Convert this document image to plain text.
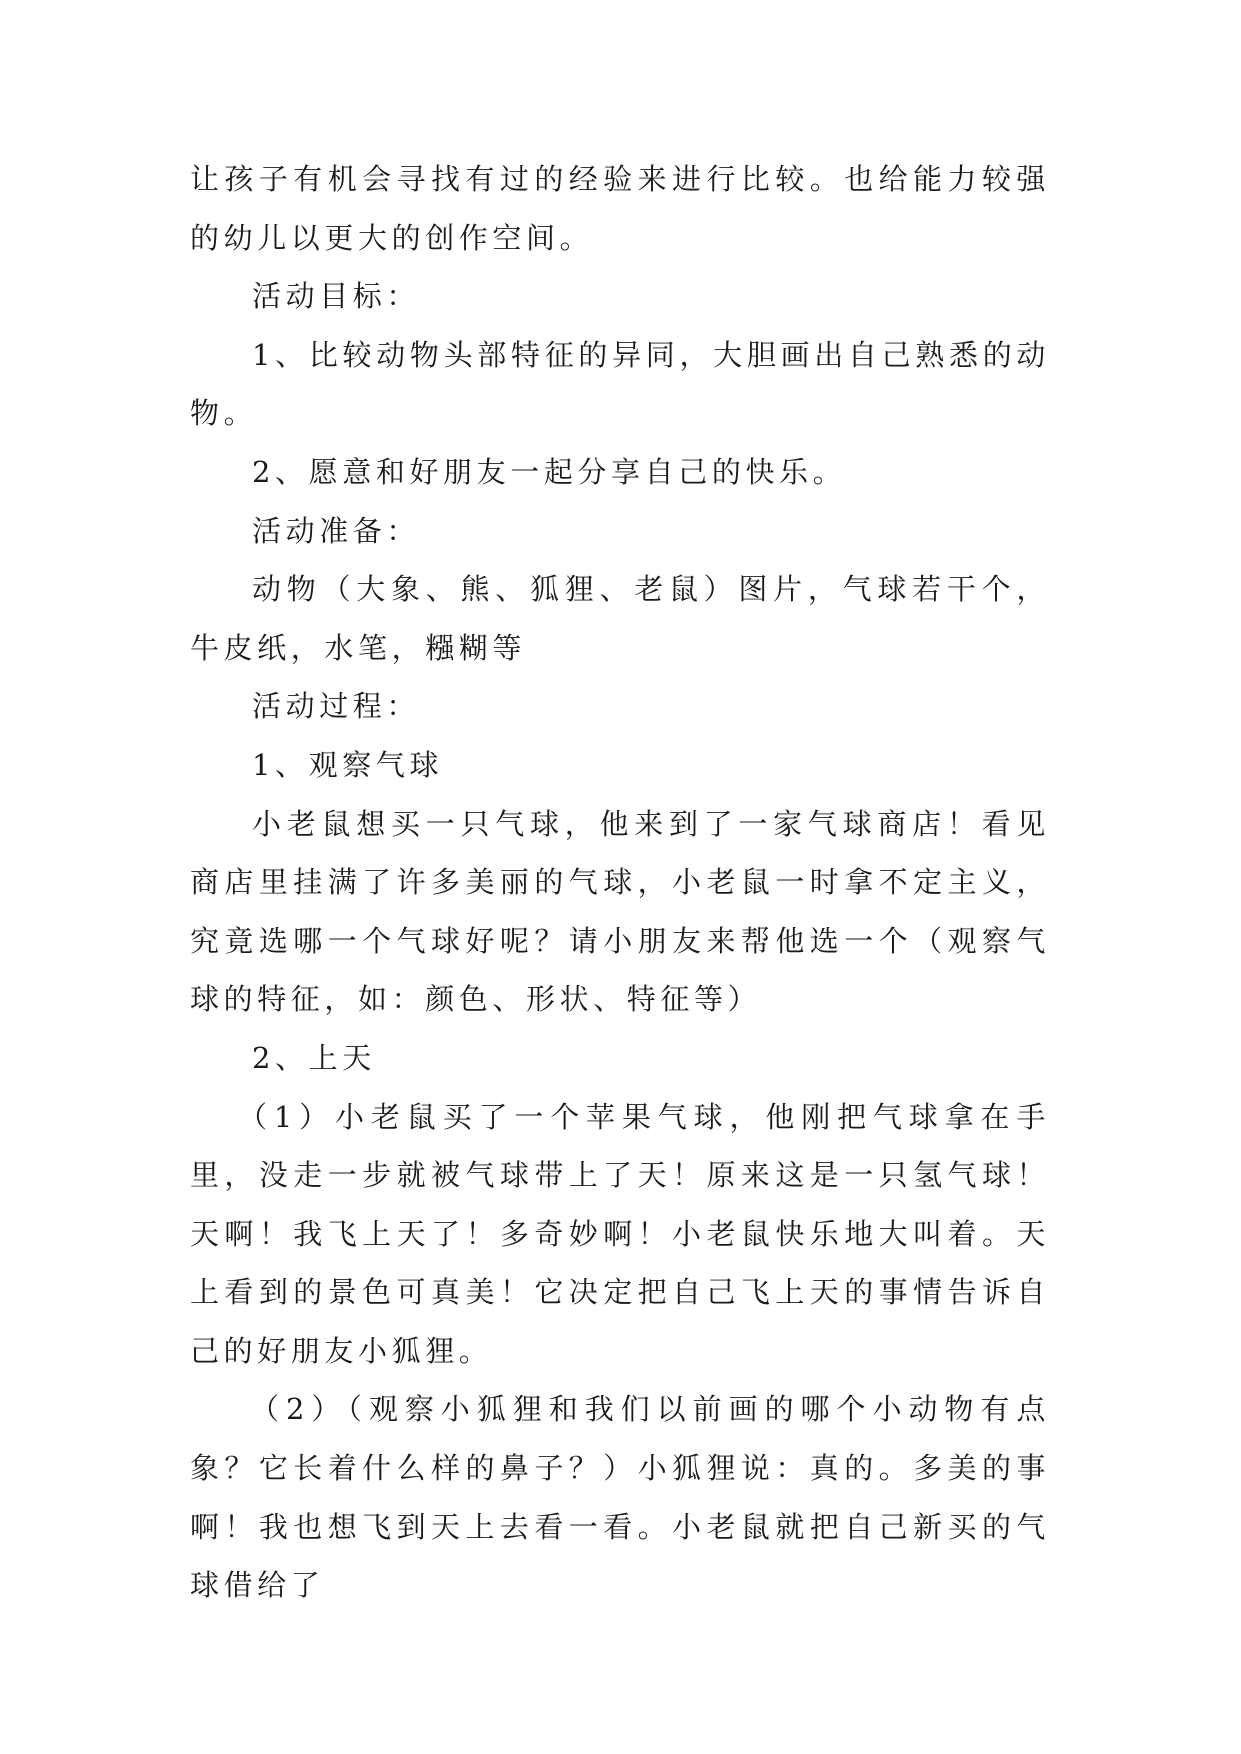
让孩子有机会寻找有过的经验来进行比较。也给能力较强的幼儿以更大的创作空间。

活动目标：

1、比较动物头部特征的异同，大胆画出自己熟悉的动物。

2、愿意和好朋友一起分享自己的快乐。

活动准备：

动物（大象、熊、狐狸、老鼠）图片，气球若干个，牛皮纸，水笔，糨糊等

活动过程：

1、观察气球

小老鼠想买一只气球，他来到了一家气球商店！看见商店里挂满了许多美丽的气球，小老鼠一时拿不定主义，究竟选哪一个气球好呢？请小朋友来帮他选一个（观察气球的特征，如：颜色、形状、特征等）

2、上天

（1）小老鼠买了一个苹果气球，他刚把气球拿在手里，没走一步就被气球带上了天！原来这是一只氢气球！天啊！我飞上天了！多奇妙啊！小老鼠快乐地大叫着。天上看到的景色可真美！它决定把自己飞上天的事情告诉自己的好朋友小狐狸。

（2）（观察小狐狸和我们以前画的哪个小动物有点象？它长着什么样的鼻子？）小狐狸说：真的。多美的事啊！我也想飞到天上去看一看。小老鼠就把自己新买的气球借给了
